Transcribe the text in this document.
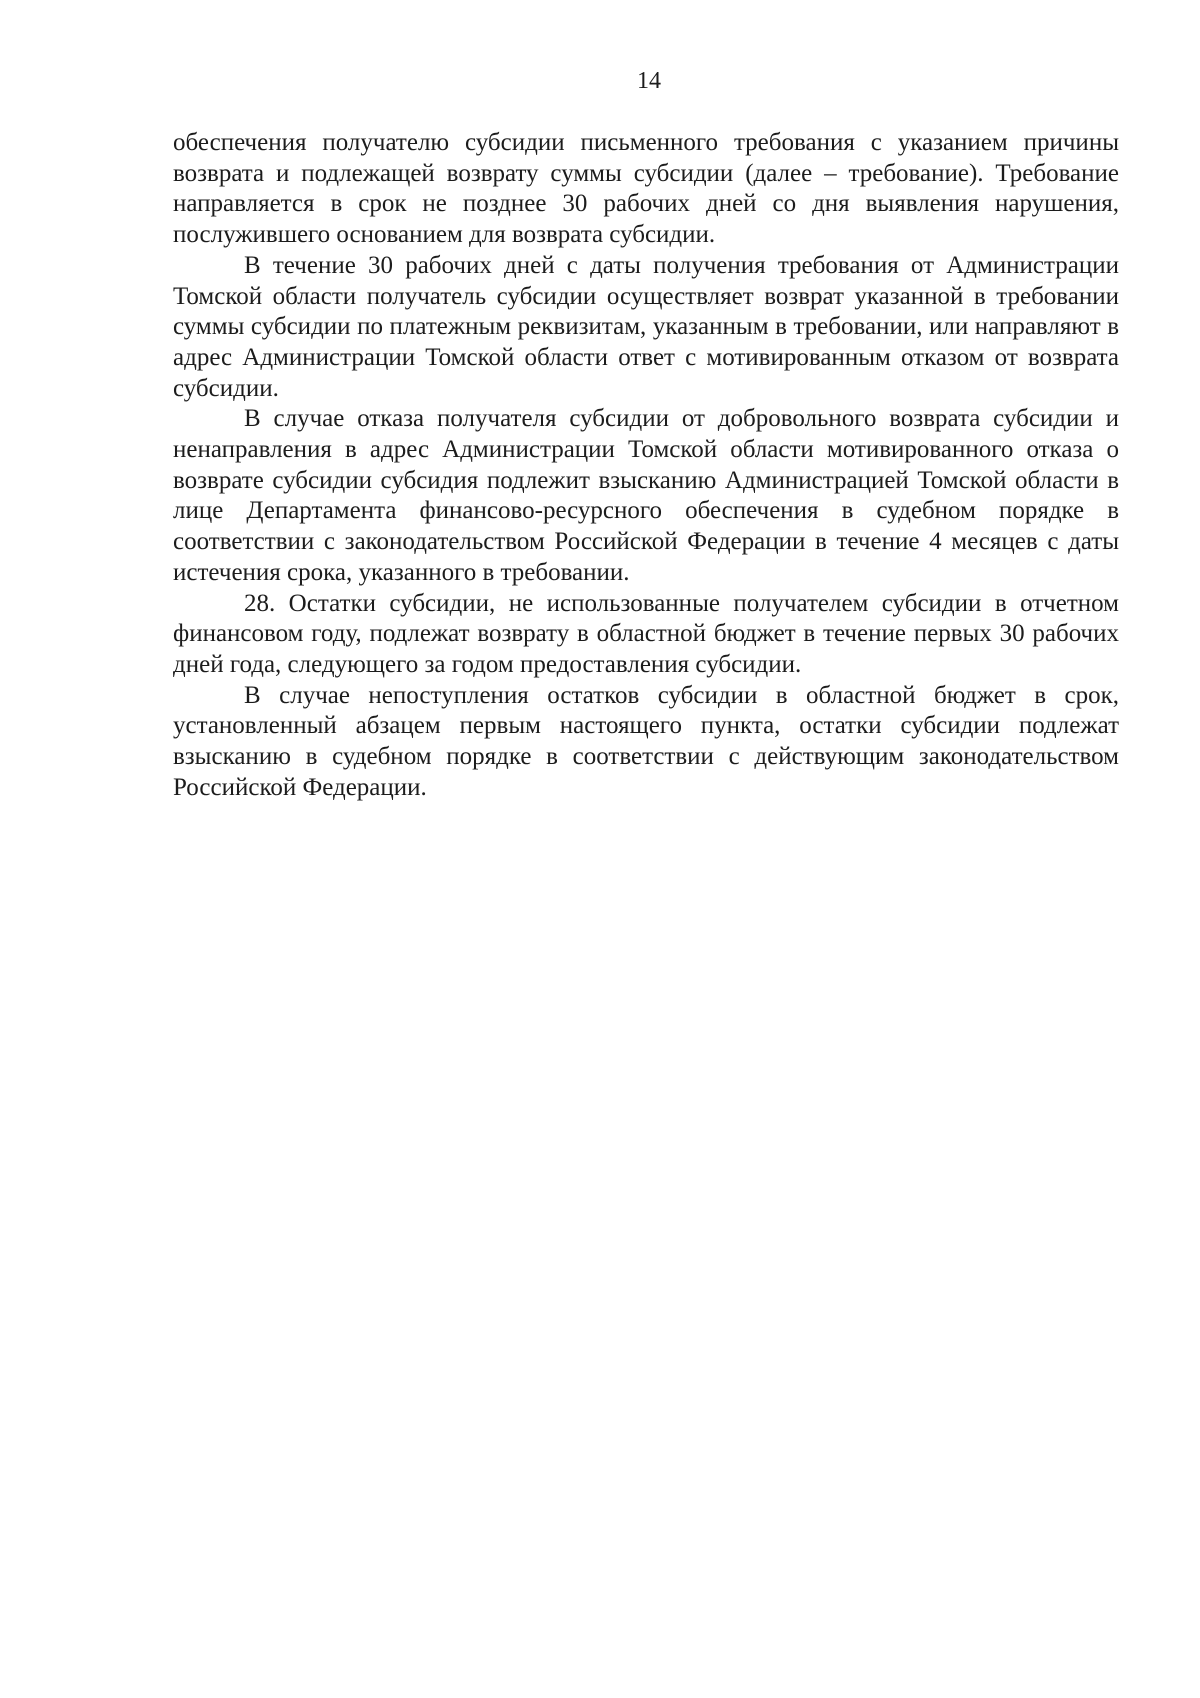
14

обеспечения получателю субсидии письменного требования с указанием причины возврата и подлежащей возврату суммы субсидии (далее – требование). Требование направляется в срок не позднее 30 рабочих дней со дня выявления нарушения, послужившего основанием для возврата субсидии.

В течение 30 рабочих дней с даты получения требования от Администрации Томской области получатель субсидии осуществляет возврат указанной в требовании суммы субсидии по платежным реквизитам, указанным в требовании, или направляют в адрес Администрации Томской области ответ с мотивированным отказом от возврата субсидии.

В случае отказа получателя субсидии от добровольного возврата субсидии и ненаправления в адрес Администрации Томской области мотивированного отказа о возврате субсидии субсидия подлежит взысканию Администрацией Томской области в лице Департамента финансово-ресурсного обеспечения в судебном порядке в соответствии с законодательством Российской Федерации в течение 4 месяцев с даты истечения срока, указанного в требовании.

28. Остатки субсидии, не использованные получателем субсидии в отчетном финансовом году, подлежат возврату в областной бюджет в течение первых 30 рабочих дней года, следующего за годом предоставления субсидии.

В случае непоступления остатков субсидии в областной бюджет в срок, установленный абзацем первым настоящего пункта, остатки субсидии подлежат взысканию в судебном порядке в соответствии с действующим законодательством Российской Федерации.
